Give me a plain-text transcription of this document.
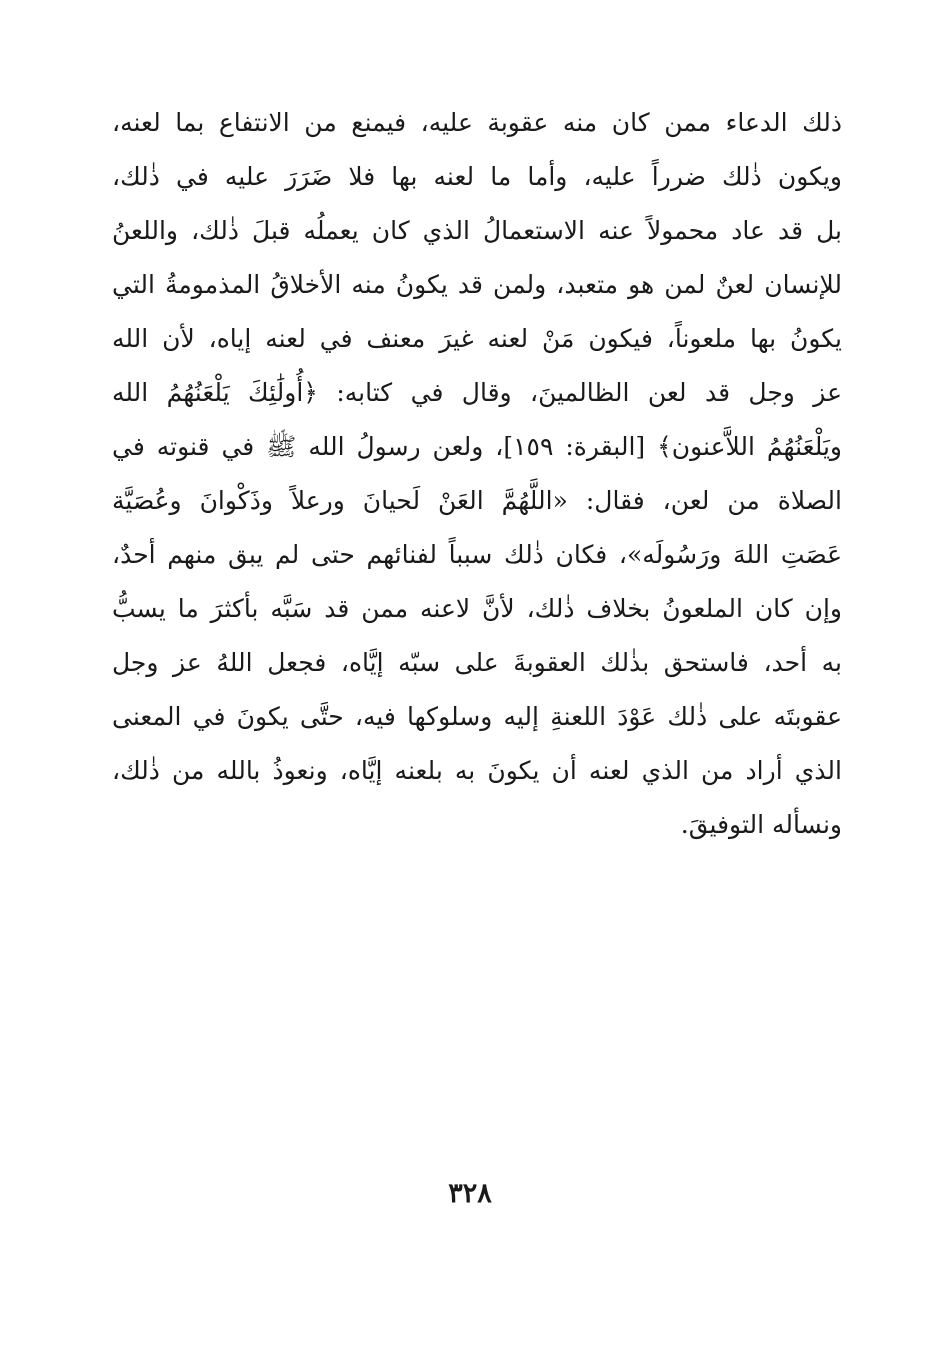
ذلك الدعاء ممن كان منه عقوبة عليه، فيمنع من الانتفاع بما لعنه،
ويكون ذٰلك ضرراً عليه، وأما ما لعنه بها فلا ضَرَرَ عليه في ذٰلك،
بل قد عاد محمولاً عنه الاستعمالُ الذي كان يعملُه قبلَ ذٰلك، واللعنُ
للإنسان لعنٌ لمن هو متعبد، ولمن قد يكونُ منه الأخلاقُ المذمومةُ التي
يكونُ بها ملعوناً، فيكون مَنْ لعنه غيرَ معنف في لعنه إياه، لأن الله
عز وجل قد لعن الظالمينَ، وقال في كتابه: ﴿أُولَٰئِكَ يَلْعَنُهُمُ الله
ويَلْعَنُهُمُ اللاَّعنون﴾ [البقرة: ١٥٩]، ولعن رسولُ الله ﷺ في قنوته في
الصلاة من لعن، فقال: «اللَّهُمَّ العَنْ لَحيانَ ورعلاً وذَكْوانَ وعُصَيَّة
عَصَتِ اللهَ ورَسُولَه»، فكان ذٰلك سبباً لفنائهم حتى لم يبق منهم أحدٌ،
وإن كان الملعونُ بخلاف ذٰلك، لأنَّ لاعنه ممن قد سَبَّه بأكثرَ ما يسبُّ
به أحد، فاستحق بذٰلك العقوبةَ على سبّه إيَّاه، فجعل اللهُ عز وجل
عقوبتَه على ذٰلك عَوْدَ اللعنةِ إليه وسلوكها فيه، حتَّى يكونَ في المعنى
الذي أراد من الذي لعنه أن يكونَ به بلعنه إيَّاه، ونعوذُ بالله من ذٰلك،
ونسأله التوفيقَ.
٣٢٨
